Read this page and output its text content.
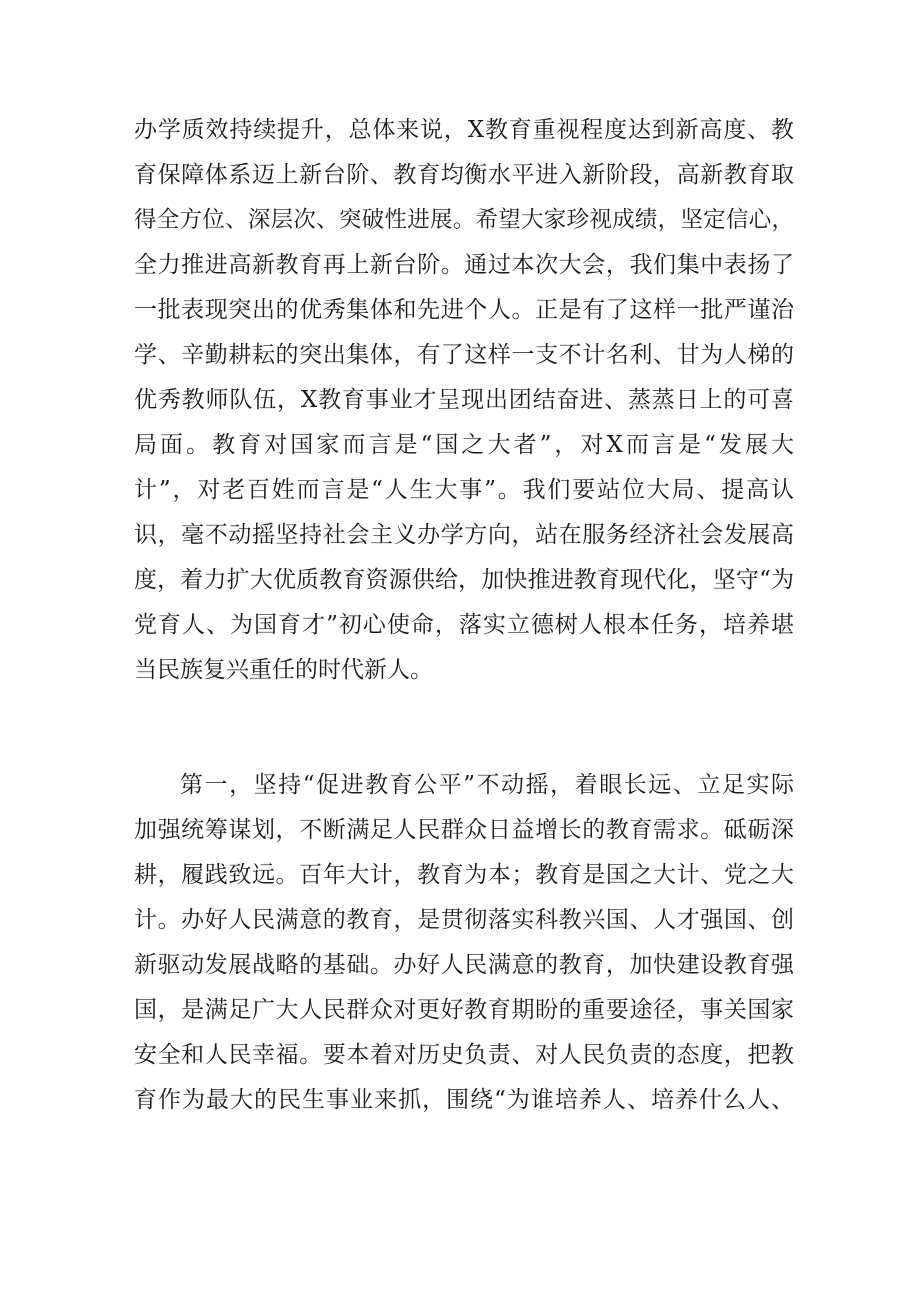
办学质效持续提升，总体来说，X教育重视程度达到新高度、教
育保障体系迈上新台阶、教育均衡水平进入新阶段，高新教育取
得全方位、深层次、突破性进展。希望大家珍视成绩，坚定信心，
全力推进高新教育再上新台阶。通过本次大会，我们集中表扬了
一批表现突出的优秀集体和先进个人。正是有了这样一批严谨治
学、辛勤耕耘的突出集体，有了这样一支不计名利、甘为人梯的
优秀教师队伍，X教育事业才呈现出团结奋进、蒸蒸日上的可喜
局面。教育对国家而言是“国之大者”，对X而言是“发展大
计”，对老百姓而言是“人生大事”。我们要站位大局、提高认
识，毫不动摇坚持社会主义办学方向，站在服务经济社会发展高
度，着力扩大优质教育资源供给，加快推进教育现代化，坚守“为
党育人、为国育才”初心使命，落实立德树人根本任务，培养堪
当民族复兴重任的时代新人。
第一，坚持“促进教育公平”不动摇，着眼长远、立足实际
加强统筹谋划，不断满足人民群众日益增长的教育需求。砥砺深
耕，履践致远。百年大计，教育为本；教育是国之大计、党之大
计。办好人民满意的教育，是贯彻落实科教兴国、人才强国、创
新驱动发展战略的基础。办好人民满意的教育，加快建设教育强
国，是满足广大人民群众对更好教育期盼的重要途径，事关国家
安全和人民幸福。要本着对历史负责、对人民负责的态度，把教
育作为最大的民生事业来抓，围绕“为谁培养人、培养什么人、
